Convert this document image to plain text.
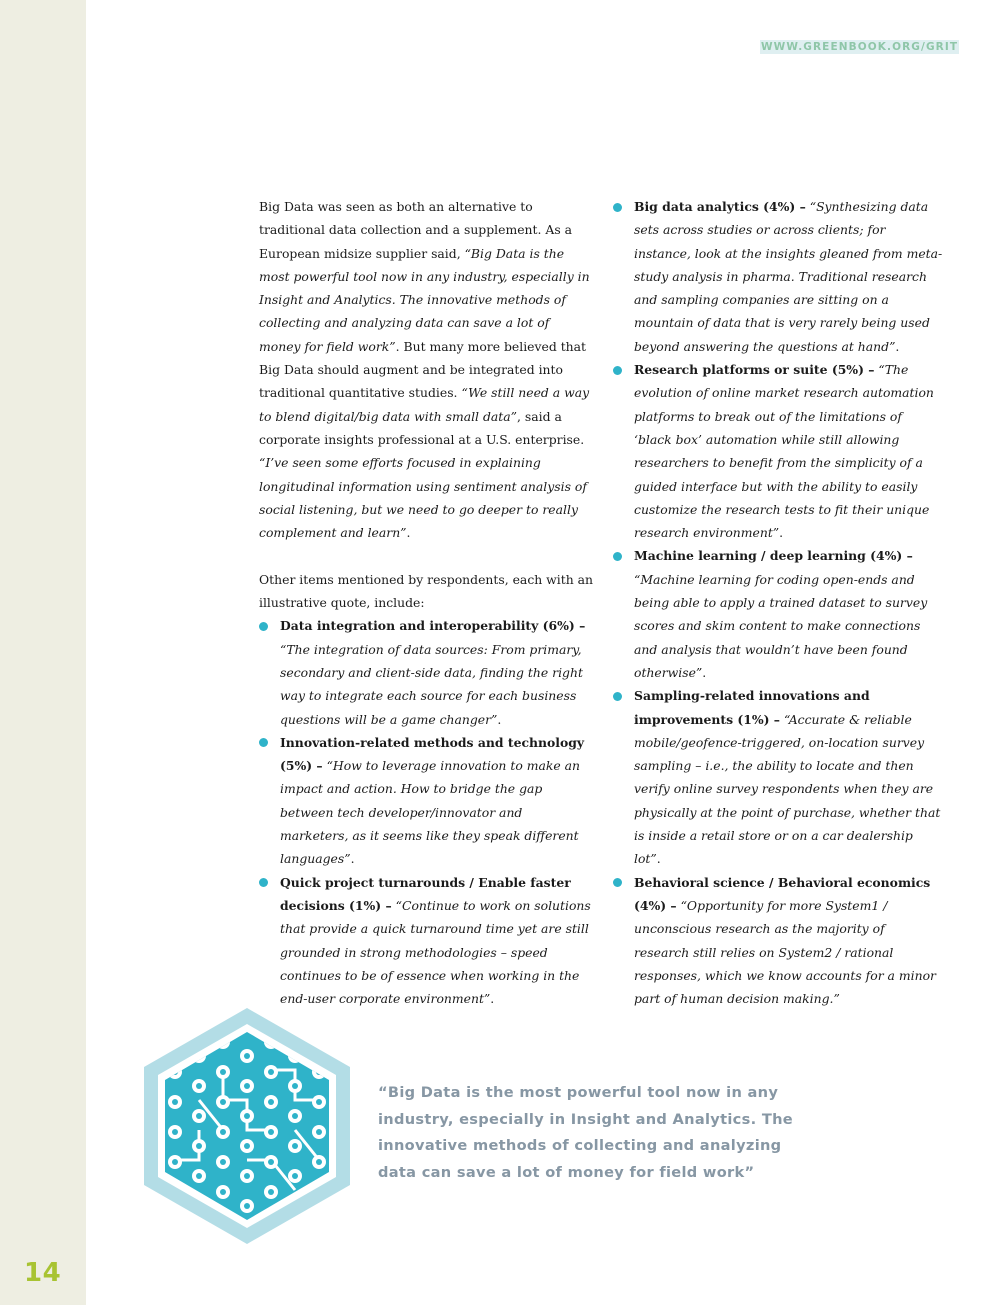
14
WWW.GREENBOOK.ORG/GRIT

Big Data was seen as both an alternative to traditional data collection and a supplement. As a European midsize supplier said, “Big Data is the most powerful tool now in any industry, especially in Insight and Analytics. The innovative methods of collecting and analyzing data can save a lot of money for field work”. But many more believed that Big Data should augment and be integrated into traditional quantitative studies. “We still need a way to blend digital/big data with small data”, said a corporate insights professional at a U.S. enterprise. “I’ve seen some efforts focused in explaining longitudinal information using sentiment analysis of social listening, but we need to go deeper to really complement and learn”.

Other items mentioned by respondents, each with an illustrative quote, include:

Data integration and interoperability (6%) – “The integration of data sources: From primary, secondary and client-side data, finding the right way to integrate each source for each business questions will be a game changer”.
Innovation-related methods and technology (5%) – “How to leverage innovation to make an impact and action. How to bridge the gap between tech developer/innovator and marketers, as it seems like they speak different languages”.
Quick project turnarounds / Enable faster decisions (1%) – “Continue to work on solutions that provide a quick turnaround time yet are still grounded in strong methodologies – speed continues to be of essence when working in the end-user corporate environment”.
Big data analytics (4%) – “Synthesizing data sets across studies or across clients; for instance, look at the insights gleaned from meta-study analysis in pharma. Traditional research and sampling companies are sitting on a mountain of data that is very rarely being used beyond answering the questions at hand”.
Research platforms or suite (5%) – “The evolution of online market research automation platforms to break out of the limitations of ‘black box’ automation while still allowing researchers to benefit from the simplicity of a guided interface but with the ability to easily customize the research tests to fit their unique research environment”.
Machine learning / deep learning (4%) – “Machine learning for coding open-ends and being able to apply a trained dataset to survey scores and skim content to make connections and analysis that wouldn’t have been found otherwise”.
Sampling-related innovations and improvements (1%) – “Accurate & reliable mobile/geofence-triggered, on-location survey sampling – i.e., the ability to locate and then verify online survey respondents when they are physically at the point of purchase, whether that is inside a retail store or on a car dealership lot”.
Behavioral science / Behavioral economics (4%) – “Opportunity for more System1 / unconscious research as the majority of research still relies on System2 / rational responses, which we know accounts for a minor part of human decision making.”
“Big Data is the most powerful tool now in any industry, especially in Insight and Analytics. The innovative methods of collecting and analyzing data can save a lot of money for field work”
